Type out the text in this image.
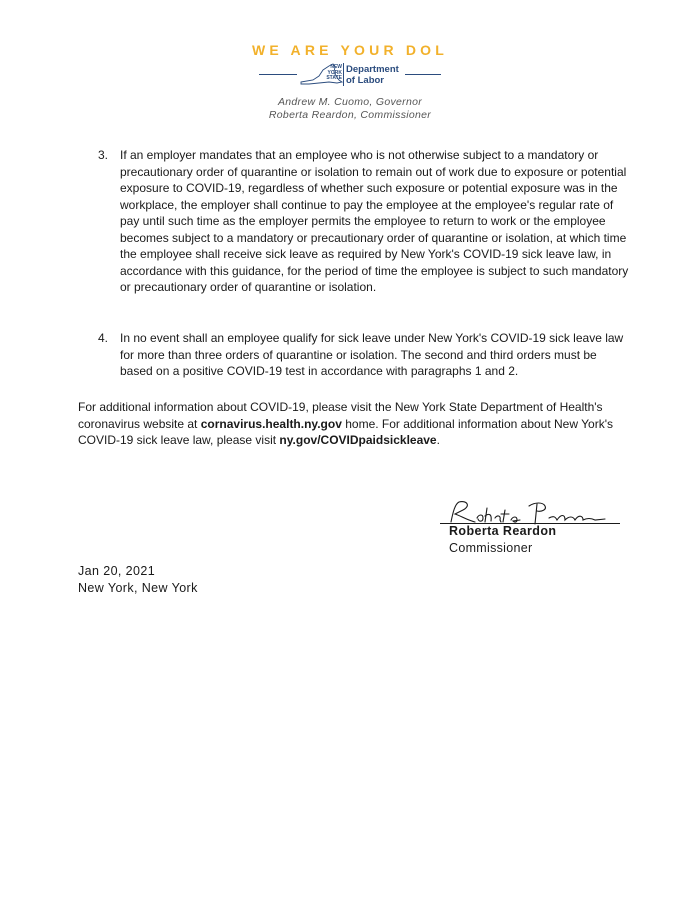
WE ARE YOUR DOL
NEW
YORK
STATE
Department
of Labor
Andrew M. Cuomo, Governor
Roberta Reardon, Commissioner
3. If an employer mandates that an employee who is not otherwise subject to a mandatory or precautionary order of quarantine or isolation to remain out of work due to exposure or potential exposure to COVID-19, regardless of whether such exposure or potential exposure was in the workplace, the employer shall continue to pay the employee at the employee's regular rate of pay until such time as the employer permits the employee to return to work or the employee becomes subject to a mandatory or precautionary order of quarantine or isolation, at which time the employee shall receive sick leave as required by New York's COVID-19 sick leave law, in accordance with this guidance, for the period of time the employee is subject to such mandatory or precautionary order of quarantine or isolation.
4. In no event shall an employee qualify for sick leave under New York's COVID-19 sick leave law for more than three orders of quarantine or isolation. The second and third orders must be based on a positive COVID-19 test in accordance with paragraphs 1 and 2.
For additional information about COVID-19, please visit the New York State Department of Health's coronavirus website at cornavirus.health.ny.gov home. For additional information about New York's COVID-19 sick leave law, please visit ny.gov/COVIDpaidsickleave.
Roberta Reardon
Commissioner
Jan 20, 2021
New York, New York
